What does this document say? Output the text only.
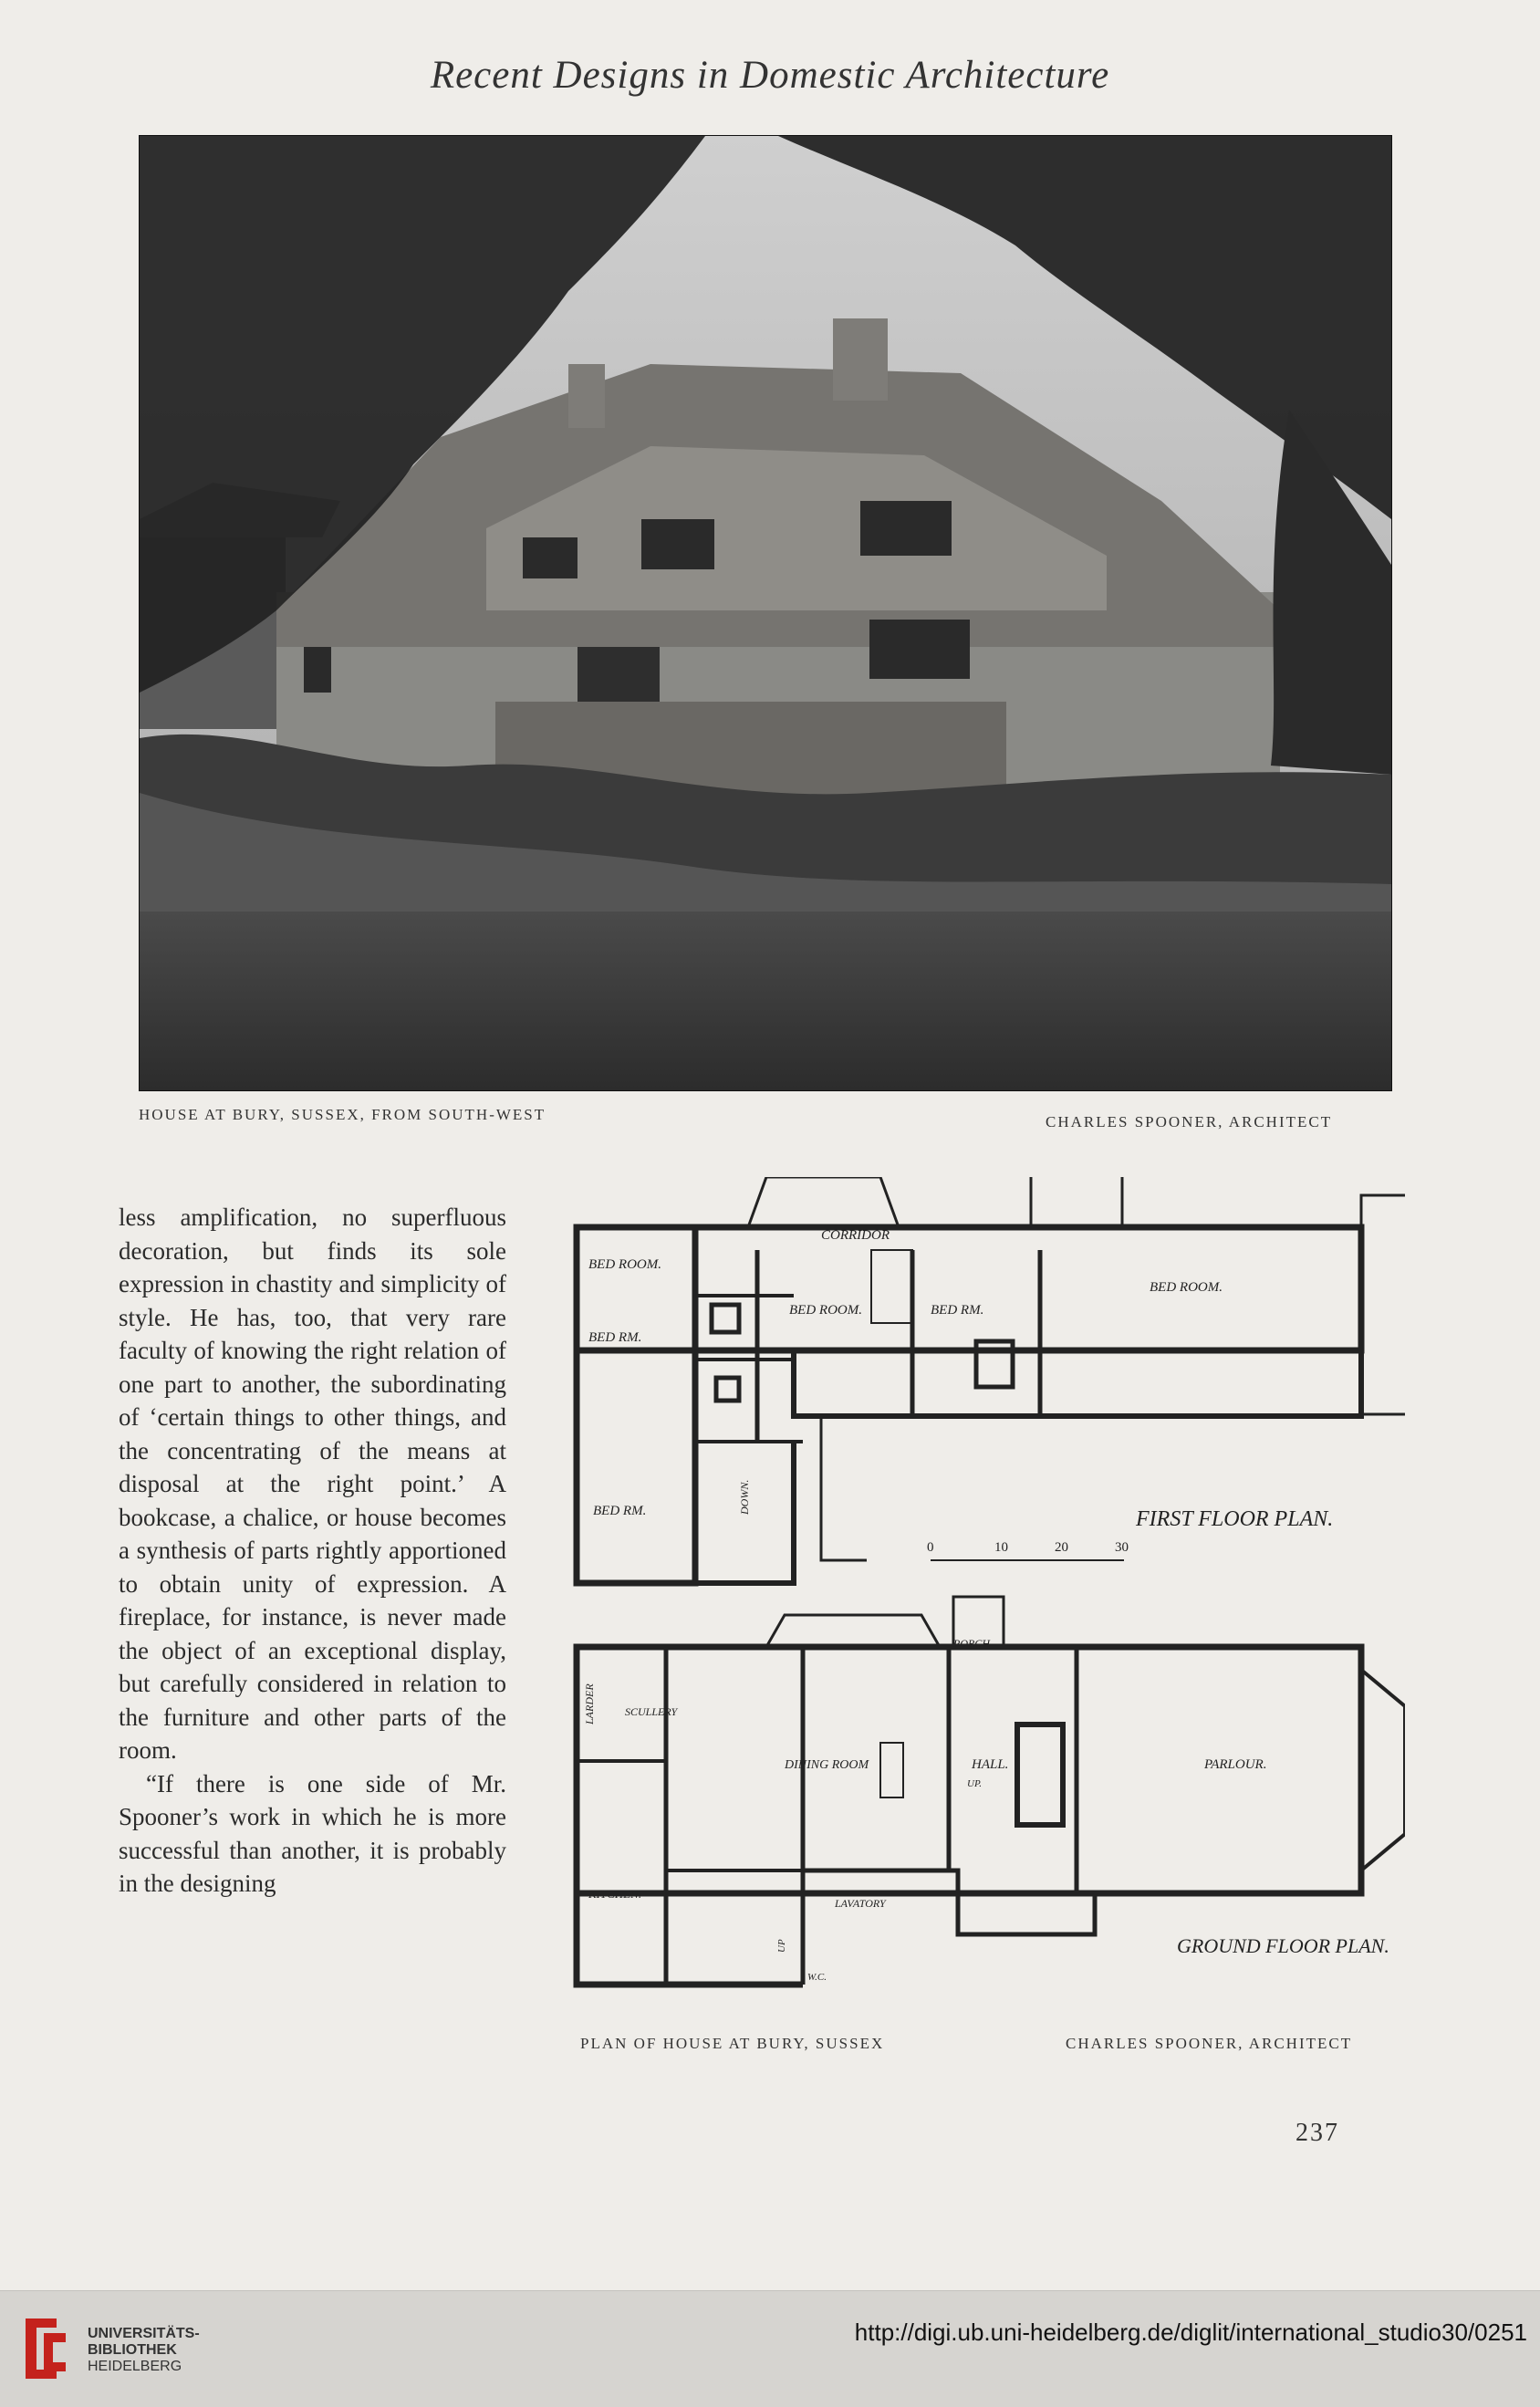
Recent Designs in Domestic Architecture
HOUSE AT BURY, SUSSEX, FROM SOUTH-WEST	CHARLES SPOONER, ARCHITECT

less amplification, no superfluous decoration, but finds its sole expression in chastity and simplicity of style. He has, too, that very rare faculty of knowing the right relation of one part to another, the subordinating of ‘certain things to other things, and the concentrating of the means at disposal at the right point.’ A bookcase, a chalice, or house becomes a synthesis of parts rightly apportioned to obtain unity of expression. A fireplace, for instance, is never made the object of an exceptional display, but carefully considered in relation to the furniture and other parts of the room.

“If there is one side of Mr. Spooner’s work in which he is more successful than another, it is probably in the designing

CORRIDOR
BED ROOM.
BED ROOM.	BED RM.
BED ROOM.
BED RM.
BED RM.	DOWN.
FIRST FLOOR PLAN.
PORCH
LARDER	SCULLERY
DINING ROOM	HALL.
UP.
PARLOUR.
KITCHEN.
LAVATORY
UP
W.C.
GROUND FLOOR PLAN.
0	10	20	30
PLAN OF HOUSE AT BURY, SUSSEX	CHARLES SPOONER, ARCHITECT
237
UNIVERSITÄTS-
BIBLIOTHEK
HEIDELBERG
http://digi.ub.uni-heidelberg.de/diglit/international_studio30/0251
